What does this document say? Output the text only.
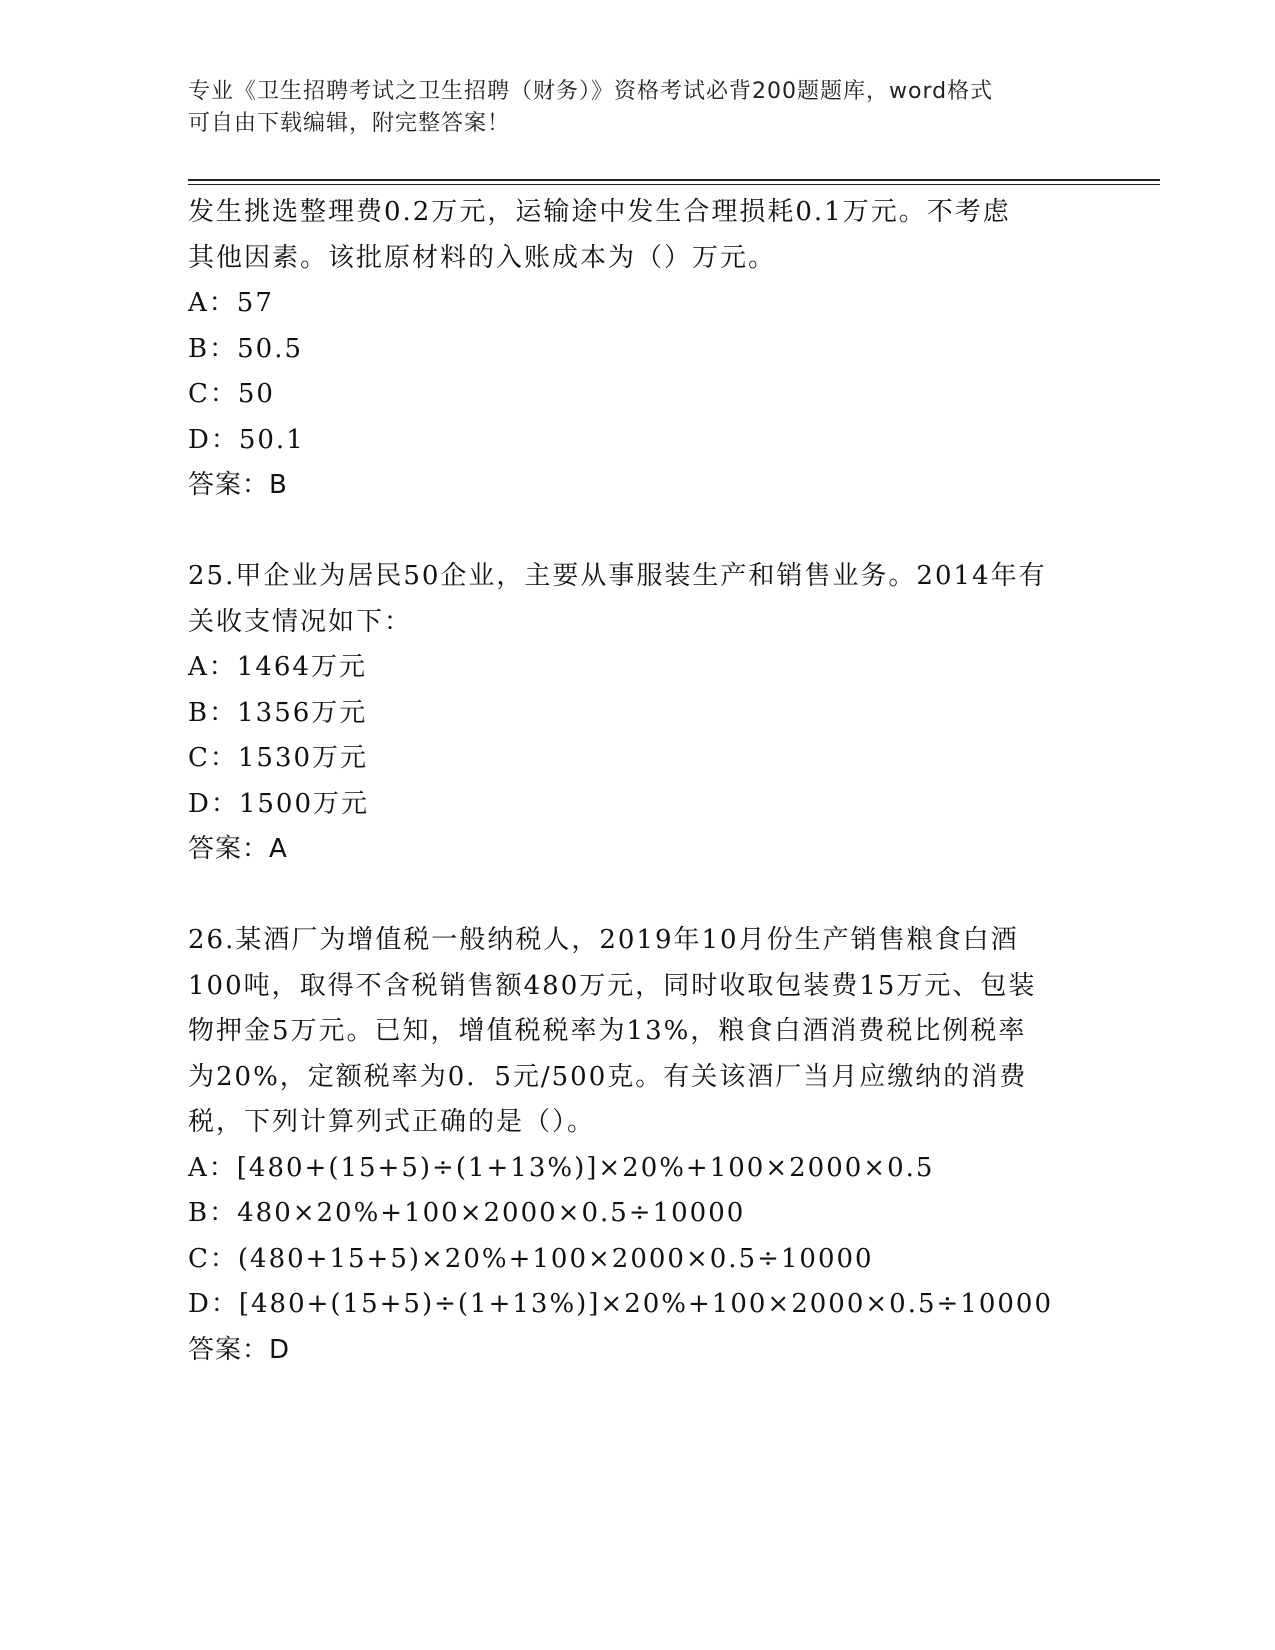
专业《卫生招聘考试之卫生招聘（财务）》资格考试必背200题题库，word格式
可自由下载编辑，附完整答案！
发生挑选整理费0.2万元，运输途中发生合理损耗0.1万元。不考虑
其他因素。该批原材料的入账成本为（）万元。
A：57
B：50.5
C：50
D：50.1
答案：B
25.甲企业为居民50企业，主要从事服装生产和销售业务。2014年有
关收支情况如下：
A：1464万元
B：1356万元
C：1530万元
D：1500万元
答案：A
26.某酒厂为增值税一般纳税人，2019年10月份生产销售粮食白酒
100吨，取得不含税销售额480万元，同时收取包装费15万元、包装
物押金5万元。已知，增值税税率为13%，粮食白酒消费税比例税率
为20%，定额税率为0．5元/500克。有关该酒厂当月应缴纳的消费
税，下列计算列式正确的是（）。
A：[480+(15+5)÷(1+13%)]×20%+100×2000×0.5
B：480×20%+100×2000×0.5÷10000
C：(480+15+5)×20%+100×2000×0.5÷10000
D：[480+(15+5)÷(1+13%)]×20%+100×2000×0.5÷10000
答案：D
